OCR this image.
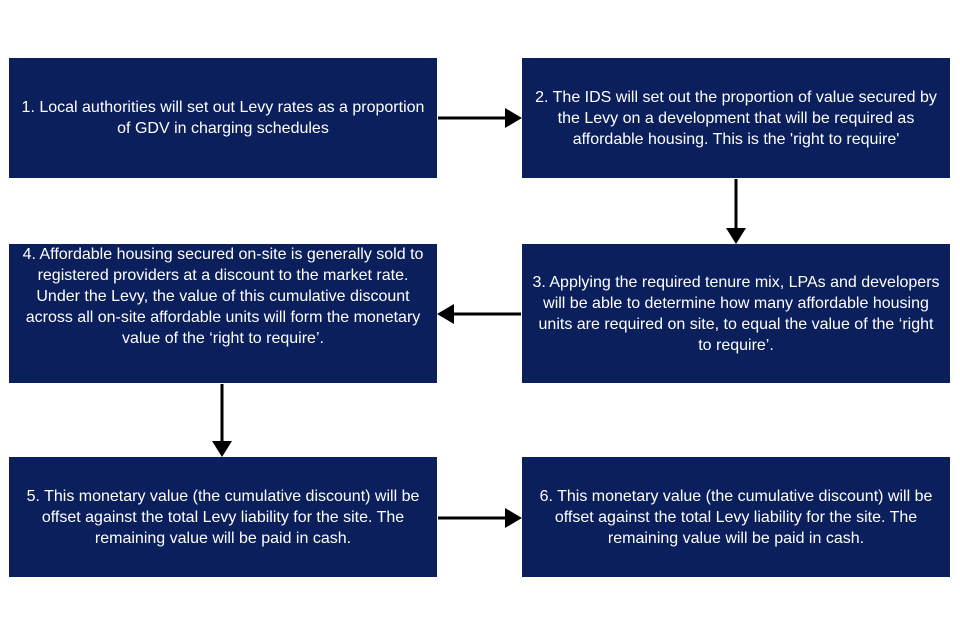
1. Local authorities will set out Levy rates as a proportion of GDV in charging schedules
2. The IDS will set out the proportion of value secured by the Levy on a development that will be required as affordable housing. This is the 'right to require'
3. Applying the required tenure mix, LPAs and developers will be able to determine how many affordable housing units are required on site, to equal the value of the ‘right to require’.
4. Affordable housing secured on-site is generally sold to registered providers at a discount to the market rate. Under the Levy, the value of this cumulative discount across all on-site affordable units will form the monetary value of the ‘right to require’.
5. This monetary value (the cumulative discount) will be offset against the total Levy liability for the site. The remaining value will be paid in cash.
6. This monetary value (the cumulative discount) will be offset against the total Levy liability for the site. The remaining value will be paid in cash.
